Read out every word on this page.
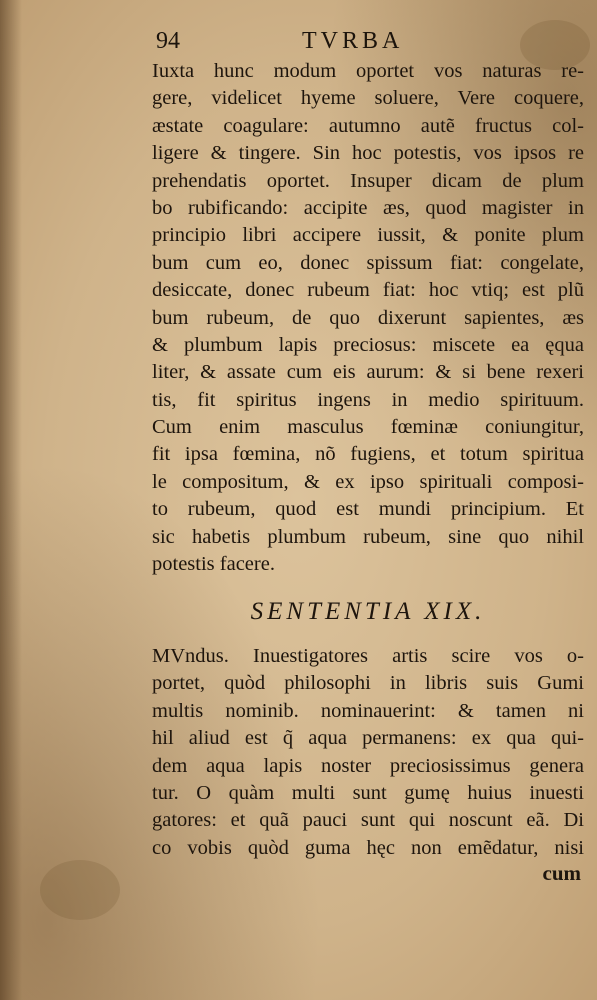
94	TVRBA
Iuxta hunc modum oportet vos naturas re-
gere, videlicet hyeme soluere, Vere coquere,
æstate coagulare: autumno autẽ fructus col-
ligere & tingere. Sin hoc potestis, vos ipsos re
prehendatis oportet. Insuper dicam de plum
bo rubificando: accipite æs, quod magister in
principio libri accipere iussit, & ponite plum
bum cum eo, donec spissum fiat: congelate,
desiccate, donec rubeum fiat: hoc vtiq; est plũ
bum rubeum, de quo dixerunt sapientes, æs
& plumbum lapis preciosus: miscete ea ęqua
liter, & assate cum eis aurum: & si bene rexeri
tis, fit spiritus ingens in medio spirituum.
Cum enim masculus fœminæ coniungitur,
fit ipsa fœmina, nõ fugiens, et totum spiritua
le compositum, & ex ipso spirituali composi-
to rubeum, quod est mundi principium. Et
sic habetis plumbum rubeum, sine quo nihil
potestis facere.
SENTENTIA XIX.
MVndus. Inuestigatores artis scire vos o-
portet, quòd philosophi in libris suis Gumi
multis nominib. nominauerint: & tamen ni
hil aliud est q̃ aqua permanens: ex qua qui-
dem aqua lapis noster preciosissimus genera
tur. O quàm multi sunt gumę huius inuesti
gatores: et quã pauci sunt qui noscunt eã. Di
co vobis quòd guma hęc non emẽdatur, nisi
cum
